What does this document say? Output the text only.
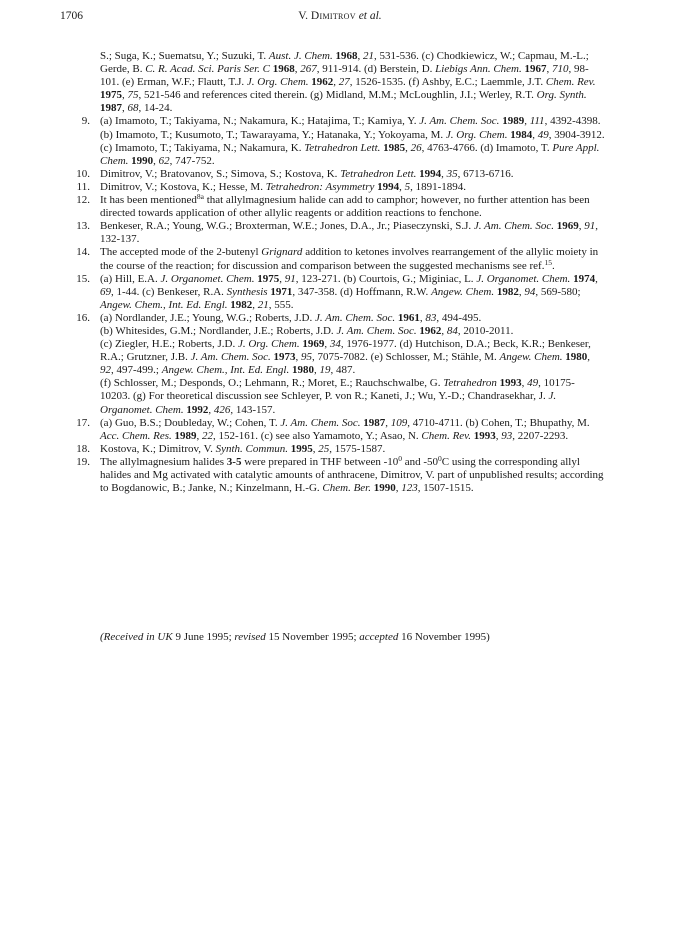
1706	V. Dimitrov et al.
S.; Suga, K.; Suematsu, Y.; Suzuki, T. Aust. J. Chem. 1968, 21, 531-536. (c) Chodkiewicz, W.; Capmau, M.-L.; Gerde, B. C. R. Acad. Sci. Paris Ser. C 1968, 267, 911-914. (d) Berstein, D. Liebigs Ann. Chem. 1967, 710, 98-101. (e) Erman, W.F.; Flautt, T.J. J. Org. Chem. 1962, 27, 1526-1535. (f) Ashby, E.C.; Laemmle, J.T. Chem. Rev. 1975, 75, 521-546 and references cited therein. (g) Midland, M.M.; McLoughlin, J.I.; Werley, R.T. Org. Synth. 1987, 68, 14-24.
9. (a) Imamoto, T.; Takiyama, N.; Nakamura, K.; Hatajima, T.; Kamiya, Y. J. Am. Chem. Soc. 1989, 111, 4392-4398. (b) Imamoto, T.; Kusumoto, T.; Tawarayama, Y.; Hatanaka, Y.; Yokoyama, M. J. Org. Chem. 1984, 49, 3904-3912. (c) Imamoto, T.; Takiyama, N.; Nakamura, K. Tetrahedron Lett. 1985, 26, 4763-4766. (d) Imamoto, T. Pure Appl. Chem. 1990, 62, 747-752.
10. Dimitrov, V.; Bratovanov, S.; Simova, S.; Kostova, K. Tetrahedron Lett. 1994, 35, 6713-6716.
11. Dimitrov, V.; Kostova, K.; Hesse, M. Tetrahedron: Asymmetry 1994, 5, 1891-1894.
12. It has been mentioned$^{8a}$ that allylmagnesium halide can add to camphor; however, no further attention has been directed towards application of other allylic reagents or addition reactions to fenchone.
13. Benkeser, R.A.; Young, W.G.; Broxterman, W.E.; Jones, D.A., Jr.; Piaseczynski, S.J. J. Am. Chem. Soc. 1969, 91, 132-137.
14. The accepted mode of the 2-butenyl Grignard addition to ketones involves rearrangement of the allylic moiety in the course of the reaction; for discussion and comparison between the suggested mechanisms see ref.$^{15}$.
15. (a) Hill, E.A. J. Organomet. Chem. 1975, 91, 123-271. (b) Courtois, G.; Miginiac, L. J. Organomet. Chem. 1974, 69, 1-44. (c) Benkeser, R.A. Synthesis 1971, 347-358. (d) Hoffmann, R.W. Angew. Chem. 1982, 94, 569-580; Angew. Chem., Int. Ed. Engl. 1982, 21, 555.
16. (a) Nordlander, J.E.; Young, W.G.; Roberts, J.D. J. Am. Chem. Soc. 1961, 83, 494-495.
(b) Whitesides, G.M.; Nordlander, J.E.; Roberts, J.D. J. Am. Chem. Soc. 1962, 84, 2010-2011.
(c) Ziegler, H.E.; Roberts, J.D. J. Org. Chem. 1969, 34, 1976-1977. (d) Hutchison, D.A.; Beck, K.R.; Benkeser, R.A.; Grutzner, J.B. J. Am. Chem. Soc. 1973, 95, 7075-7082. (e) Schlosser, M.; Stähle, M. Angew. Chem. 1980, 92, 497-499.; Angew. Chem., Int. Ed. Engl. 1980, 19, 487.
(f) Schlosser, M.; Desponds, O.; Lehmann, R.; Moret, E.; Rauchschwalbe, G. Tetrahedron 1993, 49, 10175-10203. (g) For theoretical discussion see Schleyer, P. von R.; Kaneti, J.; Wu, Y.-D.; Chandrasekhar, J. J. Organomet. Chem. 1992, 426, 143-157.
17. (a) Guo, B.S.; Doubleday, W.; Cohen, T. J. Am. Chem. Soc. 1987, 109, 4710-4711. (b) Cohen, T.; Bhupathy, M. Acc. Chem. Res. 1989, 22, 152-161. (c) see also Yamamoto, Y.; Asao, N. Chem. Rev. 1993, 93, 2207-2293.
18. Kostova, K.; Dimitrov, V. Synth. Commun. 1995, 25, 1575-1587.
19. The allylmagnesium halides 3-5 were prepared in THF between $-10^0$ and $-50^0C$ using the corresponding allyl halides and Mg activated with catalytic amounts of anthracene, Dimitrov, V. part of unpublished results; according to Bogdanowic, B.; Janke, N.; Kinzelmann, H.-G. Chem. Ber. 1990, 123, 1507-1515.
(Received in UK 9 June 1995; revised 15 November 1995; accepted 16 November 1995)
